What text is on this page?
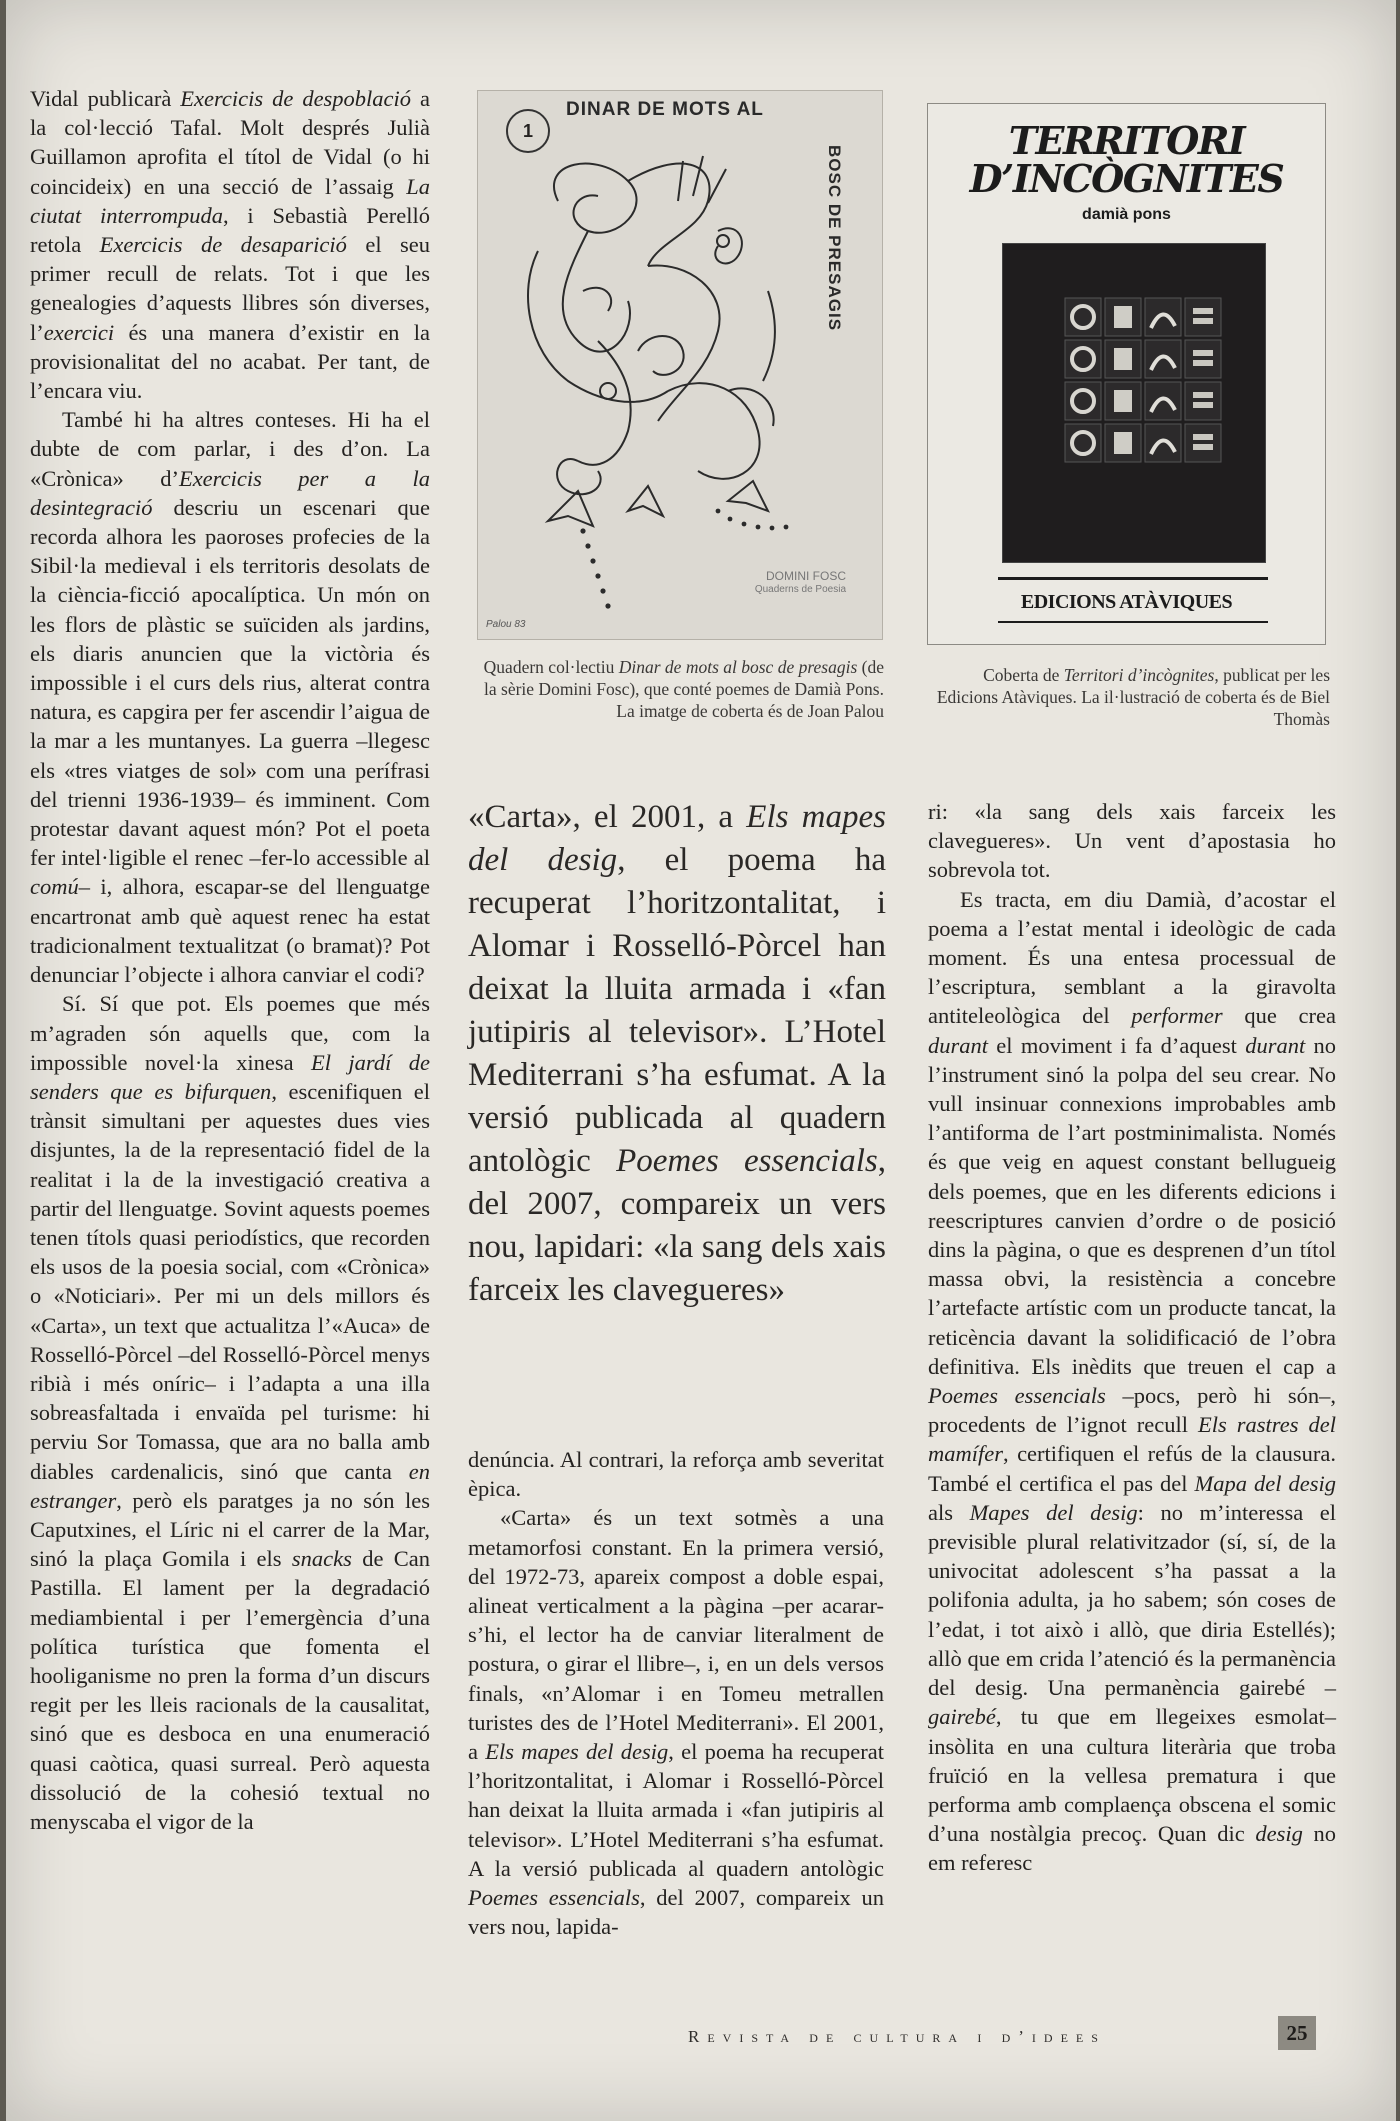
Vidal publicarà Exercicis de despoblació a la col·lecció Tafal. Molt després Julià Guillamon aprofita el títol de Vidal (o hi coincideix) en una secció de l’assaig La ciutat interrompuda, i Sebastià Perelló retola Exercicis de desaparició el seu primer recull de relats. Tot i que les genealogies d’aquests llibres són diverses, l’exercici és una manera d’existir en la provisionalitat del no acabat. Per tant, de l’encara viu.

També hi ha altres conteses. Hi ha el dubte de com parlar, i des d’on. La «Crònica» d’Exercicis per a la desintegració descriu un escenari que recorda alhora les paoroses profecies de la Sibil·la medieval i els territoris desolats de la ciència-ficció apocalíptica. Un món on les flors de plàstic se suïciden als jardins, els diaris anuncien que la victòria és impossible i el curs dels rius, alterat contra natura, es capgira per fer ascendir l’aigua de la mar a les muntanyes. La guerra –llegesc els «tres viatges de sol» com una perífrasi del trienni 1936-1939– és imminent. Com protestar davant aquest món? Pot el poeta fer intel·ligible el renec –fer-lo accessible al comú– i, alhora, escapar-se del llenguatge encartronat amb què aquest renec ha estat tradicionalment textualitzat (o bramat)? Pot denunciar l’objecte i alhora canviar el codi?

Sí. Sí que pot. Els poemes que més m’agraden són aquells que, com la impossible novel·la xinesa El jardí de senders que es bifurquen, escenifiquen el trànsit simultani per aquestes dues vies disjuntes, la de la representació fidel de la realitat i la de la investigació creativa a partir del llenguatge. Sovint aquests poemes tenen títols quasi periodístics, que recorden els usos de la poesia social, com «Crònica» o «Noticiari». Per mi un dels millors és «Carta», un text que actualitza l’«Auca» de Rosselló-Pòrcel –del Rosselló-Pòrcel menys ribià i més oníric– i l’adapta a una illa sobreasfaltada i envaïda pel turisme: hi perviu Sor Tomassa, que ara no balla amb diables cardenalicis, sinó que canta en estranger, però els paratges ja no són les Caputxines, el Líric ni el carrer de la Mar, sinó la plaça Gomila i els snacks de Can Pastilla. El lament per la degradació mediambiental i per l’emergència d’una política turística que fomenta el hooliganisme no pren la forma d’un discurs regit per les lleis racionals de la causalitat, sinó que es desboca en una enumeració quasi caòtica, quasi surreal. Però aquesta dissolució de la cohesió textual no menyscaba el vigor de la

1
DINAR DE MOTS AL
BOSC DE PRESAGIS
DOMINI FOSC
Quaderns de Poesia
Palou 83
Quadern col·lectiu Dinar de mots al bosc de presagis (de la sèrie Domini Fosc), que conté poemes de Damià Pons. La imatge de coberta és de Joan Palou
TERRITORI
D’INCÒGNITES
damià pons
EDICIONS ATÀVIQUES
Coberta de Territori d’incògnites, publicat per les Edicions Atàviques. La il·lustració de coberta és de Biel Thomàs
«Carta», el 2001, a Els mapes del desig, el poema ha recuperat l’horitzontalitat, i Alomar i Rosselló-Pòrcel han deixat la lluita armada i «fan jutipiris al televisor». L’Hotel Mediterrani s’ha esfumat. A la versió publicada al quadern antològic Poemes essencials, del 2007, compareix un vers nou, lapidari: «la sang dels xais farceix les clavegueres»

denúncia. Al contrari, la reforça amb severitat èpica.

«Carta» és un text sotmès a una metamorfosi constant. En la primera versió, del 1972-73, apareix compost a doble espai, alineat verticalment a la pàgina –per acarar-s’hi, el lector ha de canviar literalment de postura, o girar el llibre–, i, en un dels versos finals, «n’Alomar i en Tomeu metrallen turistes des de l’Hotel Mediterrani». El 2001, a Els mapes del desig, el poema ha recuperat l’horitzontalitat, i Alomar i Rosselló-Pòrcel han deixat la lluita armada i «fan jutipiris al televisor». L’Hotel Mediterrani s’ha esfumat. A la versió publicada al quadern antològic Poemes essencials, del 2007, compareix un vers nou, lapida-

ri: «la sang dels xais farceix les clavegueres». Un vent d’apostasia ho sobrevola tot.

Es tracta, em diu Damià, d’acostar el poema a l’estat mental i ideològic de cada moment. És una entesa processual de l’escriptura, semblant a la giravolta antiteleològica del performer que crea durant el moviment i fa d’aquest durant no l’instrument sinó la polpa del seu crear. No vull insinuar connexions improbables amb l’antiforma de l’art postminimalista. Només és que veig en aquest constant bellugueig dels poemes, que en les diferents edicions i reescriptures canvien d’ordre o de posició dins la pàgina, o que es desprenen d’un títol massa obvi, la resistència a concebre l’artefacte artístic com un producte tancat, la reticència davant la solidificació de l’obra definitiva. Els inèdits que treuen el cap a Poemes essencials –pocs, però hi són–, procedents de l’ignot recull Els rastres del mamífer, certifiquen el refús de la clausura. També el certifica el pas del Mapa del desig als Mapes del desig: no m’interessa el previsible plural relativitzador (sí, sí, de la univocitat adolescent s’ha passat a la polifonia adulta, ja ho sabem; són coses de l’edat, i tot això i allò, que diria Estellés); allò que em crida l’atenció és la permanència del desig. Una permanència gairebé –gairebé, tu que em llegeixes esmolat– insòlita en una cultura literària que troba fruïció en la vellesa prematura i que performa amb complaença obscena el somic d’una nostàlgia precoç. Quan dic desig no em referesc

Revista de cultura i d’idees	25
